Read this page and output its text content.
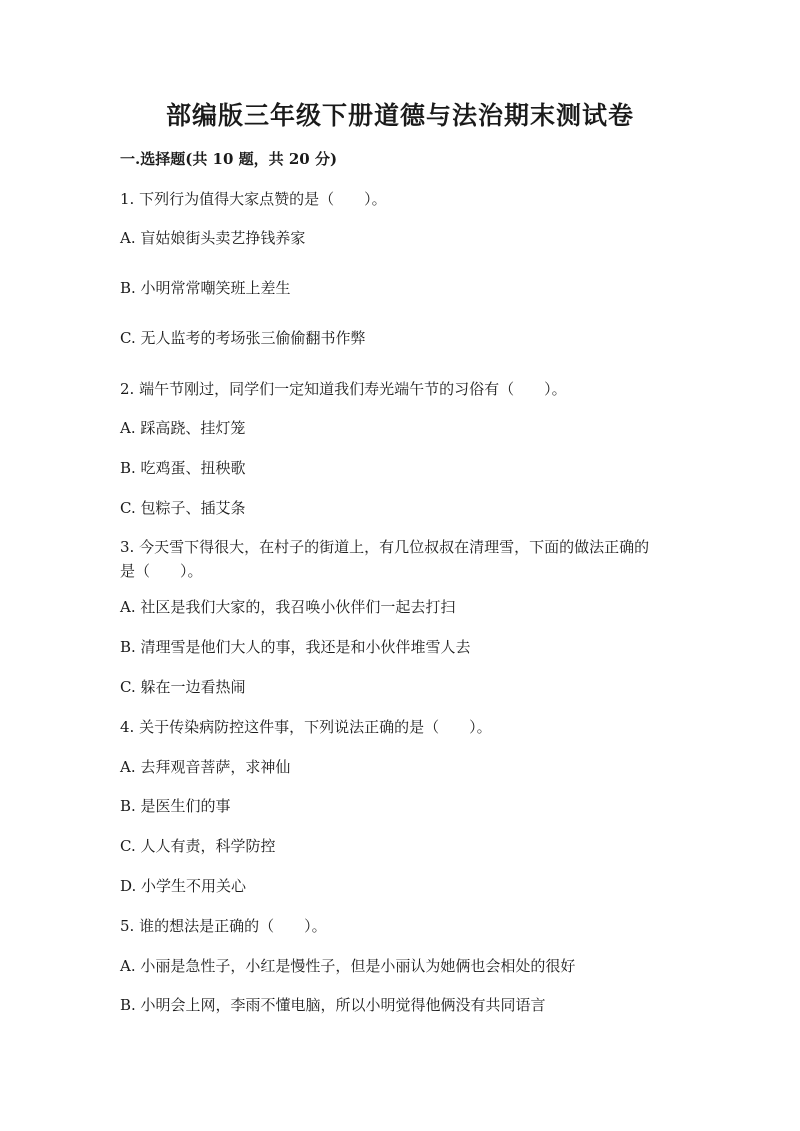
部编版三年级下册道德与法治期末测试卷
一.选择题(共 10 题，共 20 分)
1. 下列行为值得大家点赞的是（　　）。
A. 盲姑娘街头卖艺挣钱养家
B. 小明常常嘲笑班上差生
C. 无人监考的考场张三偷偷翻书作弊
2. 端午节刚过，同学们一定知道我们寿光端午节的习俗有（　　）。
A. 踩高跷、挂灯笼
B. 吃鸡蛋、扭秧歌
C. 包粽子、插艾条
3. 今天雪下得很大，在村子的街道上，有几位叔叔在清理雪，下面的做法正确的是（　　）。
A. 社区是我们大家的，我召唤小伙伴们一起去打扫
B. 清理雪是他们大人的事，我还是和小伙伴堆雪人去
C. 躲在一边看热闹
4. 关于传染病防控这件事，下列说法正确的是（　　）。
A. 去拜观音菩萨，求神仙
B. 是医生们的事
C. 人人有责，科学防控
D. 小学生不用关心
5. 谁的想法是正确的（　　）。
A. 小丽是急性子，小红是慢性子，但是小丽认为她俩也会相处的很好
B. 小明会上网，李雨不懂电脑，所以小明觉得他俩没有共同语言
